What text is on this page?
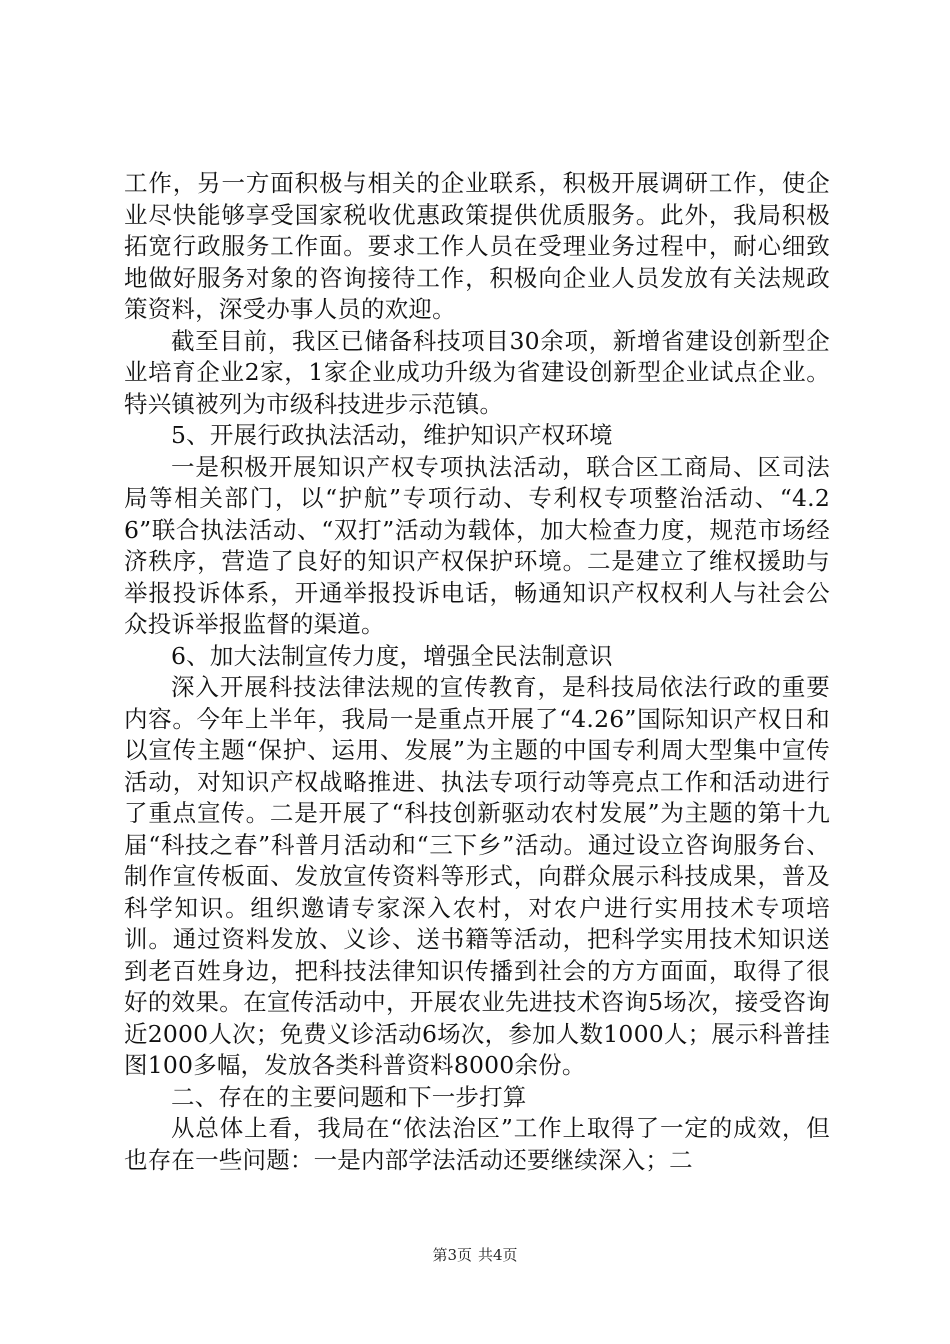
工作，另一方面积极与相关的企业联系，积极开展调研工作，使企业尽快能够享受国家税收优惠政策提供优质服务。此外，我局积极拓宽行政服务工作面。要求工作人员在受理业务过程中，耐心细致地做好服务对象的咨询接待工作，积极向企业人员发放有关法规政策资料，深受办事人员的欢迎。

截至目前，我区已储备科技项目30余项，新增省建设创新型企业培育企业2家，1家企业成功升级为省建设创新型企业试点企业。特兴镇被列为市级科技进步示范镇。

5、开展行政执法活动，维护知识产权环境

一是积极开展知识产权专项执法活动，联合区工商局、区司法局等相关部门，以“护航”专项行动、专利权专项整治活动、“4.26”联合执法活动、“双打”活动为载体，加大检查力度，规范市场经济秩序，营造了良好的知识产权保护环境。二是建立了维权援助与举报投诉体系，开通举报投诉电话，畅通知识产权权利人与社会公众投诉举报监督的渠道。

6、加大法制宣传力度，增强全民法制意识

深入开展科技法律法规的宣传教育，是科技局依法行政的重要内容。今年上半年，我局一是重点开展了“4.26”国际知识产权日和以宣传主题“保护、运用、发展”为主题的中国专利周大型集中宣传活动，对知识产权战略推进、执法专项行动等亮点工作和活动进行了重点宣传。二是开展了“科技创新驱动农村发展”为主题的第十九届“科技之春”科普月活动和“三下乡”活动。通过设立咨询服务台、制作宣传板面、发放宣传资料等形式，向群众展示科技成果，普及科学知识。组织邀请专家深入农村，对农户进行实用技术专项培训。通过资料发放、义诊、送书籍等活动，把科学实用技术知识送到老百姓身边，把科技法律知识传播到社会的方方面面，取得了很好的效果。在宣传活动中，开展农业先进技术咨询5场次，接受咨询近2000人次；免费义诊活动6场次，参加人数1000人；展示科普挂图100多幅，发放各类科普资料8000余份。

二、存在的主要问题和下一步打算

从总体上看，我局在“依法治区”工作上取得了一定的成效，但也存在一些问题：一是内部学法活动还要继续深入；二

第3页 共4页
